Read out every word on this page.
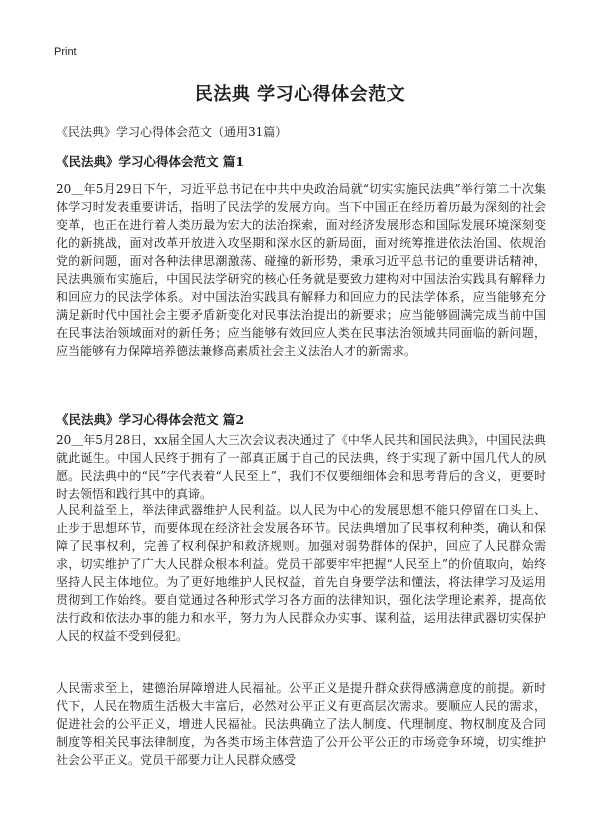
Print
民法典 学习心得体会范文

《民法典》学习心得体会范文（通用31篇）

《民法典》学习心得体会范文 篇1

20＿年5月29日下午，习近平总书记在中共中央政治局就“切实实施民法典”举行第二十次集体学习时发表重要讲话，指明了民法学的发展方向。当下中国正在经历着历最为深刻的社会变革，也正在进行着人类历最为宏大的法治探索，面对经济发展形态和国际发展环境深刻变化的新挑战，面对改革开放进入攻坚期和深水区的新局面，面对统筹推进依法治国、依规治党的新问题，面对各种法律思潮激荡、碰撞的新形势，秉承习近平总书记的重要讲话精神，民法典颁布实施后，中国民法学研究的核心任务就是要致力建构对中国法治实践具有解释力和回应力的民法学体系。对中国法治实践具有解释力和回应力的民法学体系，应当能够充分满足新时代中国社会主要矛盾新变化对民事法治提出的新要求；应当能够圆满完成当前中国在民事法治领域面对的新任务；应当能够有效回应人类在民事法治领域共同面临的新问题，应当能够有力保障培养德法兼修高素质社会主义法治人才的新需求。

《民法典》学习心得体会范文 篇2

20＿年5月28日，xx届全国人大三次会议表决通过了《中华人民共和国民法典》，中国民法典就此诞生。中国人民终于拥有了一部真正属于自己的民法典，终于实现了新中国几代人的夙愿。民法典中的“民”字代表着“人民至上”，我们不仅要细细体会和思考背后的含义，更要时时去领悟和践行其中的真谛。

人民利益至上，举法律武器维护人民利益。以人民为中心的发展思想不能只停留在口头上、止步于思想环节，而要体现在经济社会发展各环节。民法典增加了民事权利种类，确认和保障了民事权利，完善了权利保护和救济规则。加强对弱势群体的保护，回应了人民群众需求，切实维护了广大人民群众根本利益。党员干部要牢牢把握“人民至上”的价值取向，始终坚持人民主体地位。为了更好地维护人民权益，首先自身要学法和懂法，将法律学习及运用贯彻到工作始终。要自觉通过各种形式学习各方面的法律知识，强化法学理论素养，提高依法行政和依法办事的能力和水平，努力为人民群众办实事、谋利益，运用法律武器切实保护人民的权益不受到侵犯。

人民需求至上，建德治屏障增进人民福祉。公平正义是提升群众获得感满意度的前提。新时代下，人民在物质生活极大丰富后，必然对公平正义有更高层次需求。要顺应人民的需求，促进社会的公平正义，增进人民福祉。民法典确立了法人制度、代理制度、物权制度及合同制度等相关民事法律制度，为各类市场主体营造了公开公平公正的市场竞争环境，切实维护社会公平正义。党员干部要力让人民群众感受
